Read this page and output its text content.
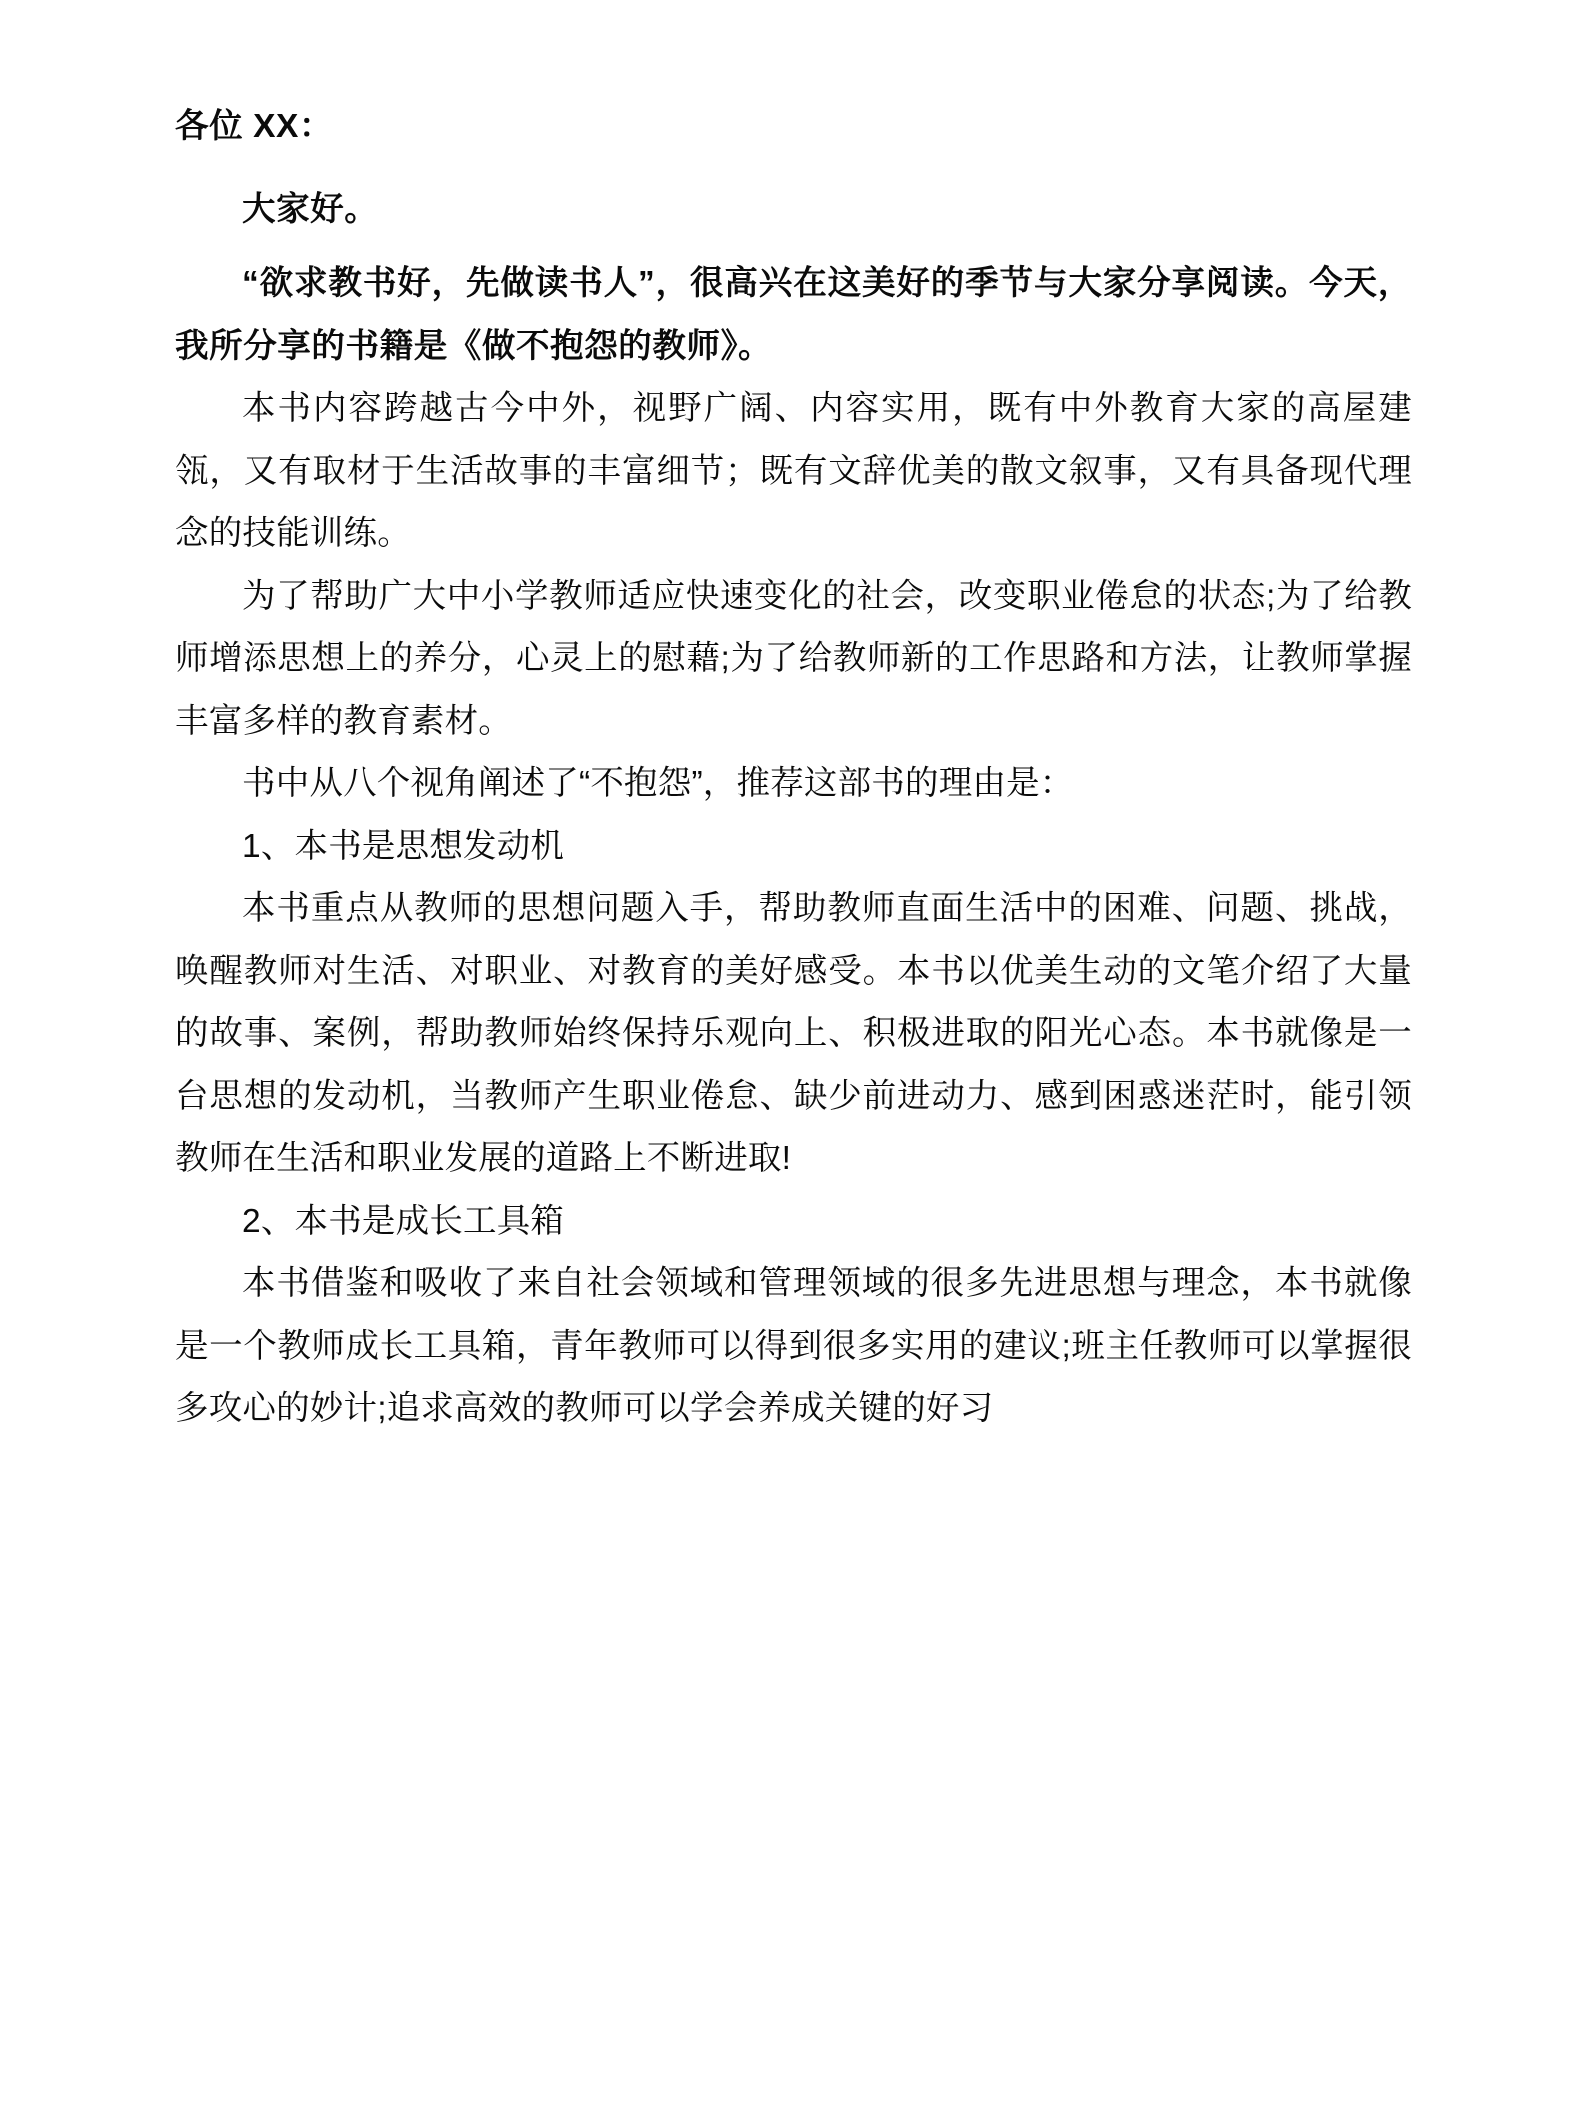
各位 XX：

大家好。

“欲求教书好，先做读书人”，很高兴在这美好的季节与大家分享阅读。今天，我所分享的书籍是《做不抱怨的教师》。

本书内容跨越古今中外，视野广阔、内容实用，既有中外教育大家的高屋建瓴，又有取材于生活故事的丰富细节；既有文辞优美的散文叙事，又有具备现代理念的技能训练。

为了帮助广大中小学教师适应快速变化的社会，改变职业倦怠的状态;为了给教师增添思想上的养分，心灵上的慰藉;为了给教师新的工作思路和方法，让教师掌握丰富多样的教育素材。

书中从八个视角阐述了“不抱怨”，推荐这部书的理由是：

1、本书是思想发动机

本书重点从教师的思想问题入手，帮助教师直面生活中的困难、问题、挑战，唤醒教师对生活、对职业、对教育的美好感受。本书以优美生动的文笔介绍了大量的故事、案例，帮助教师始终保持乐观向上、积极进取的阳光心态。本书就像是一台思想的发动机，当教师产生职业倦怠、缺少前进动力、感到困惑迷茫时，能引领教师在生活和职业发展的道路上不断进取!

2、本书是成长工具箱

本书借鉴和吸收了来自社会领域和管理领域的很多先进思想与理念，本书就像是一个教师成长工具箱，青年教师可以得到很多实用的建议;班主任教师可以掌握很多攻心的妙计;追求高效的教师可以学会养成关键的好习
